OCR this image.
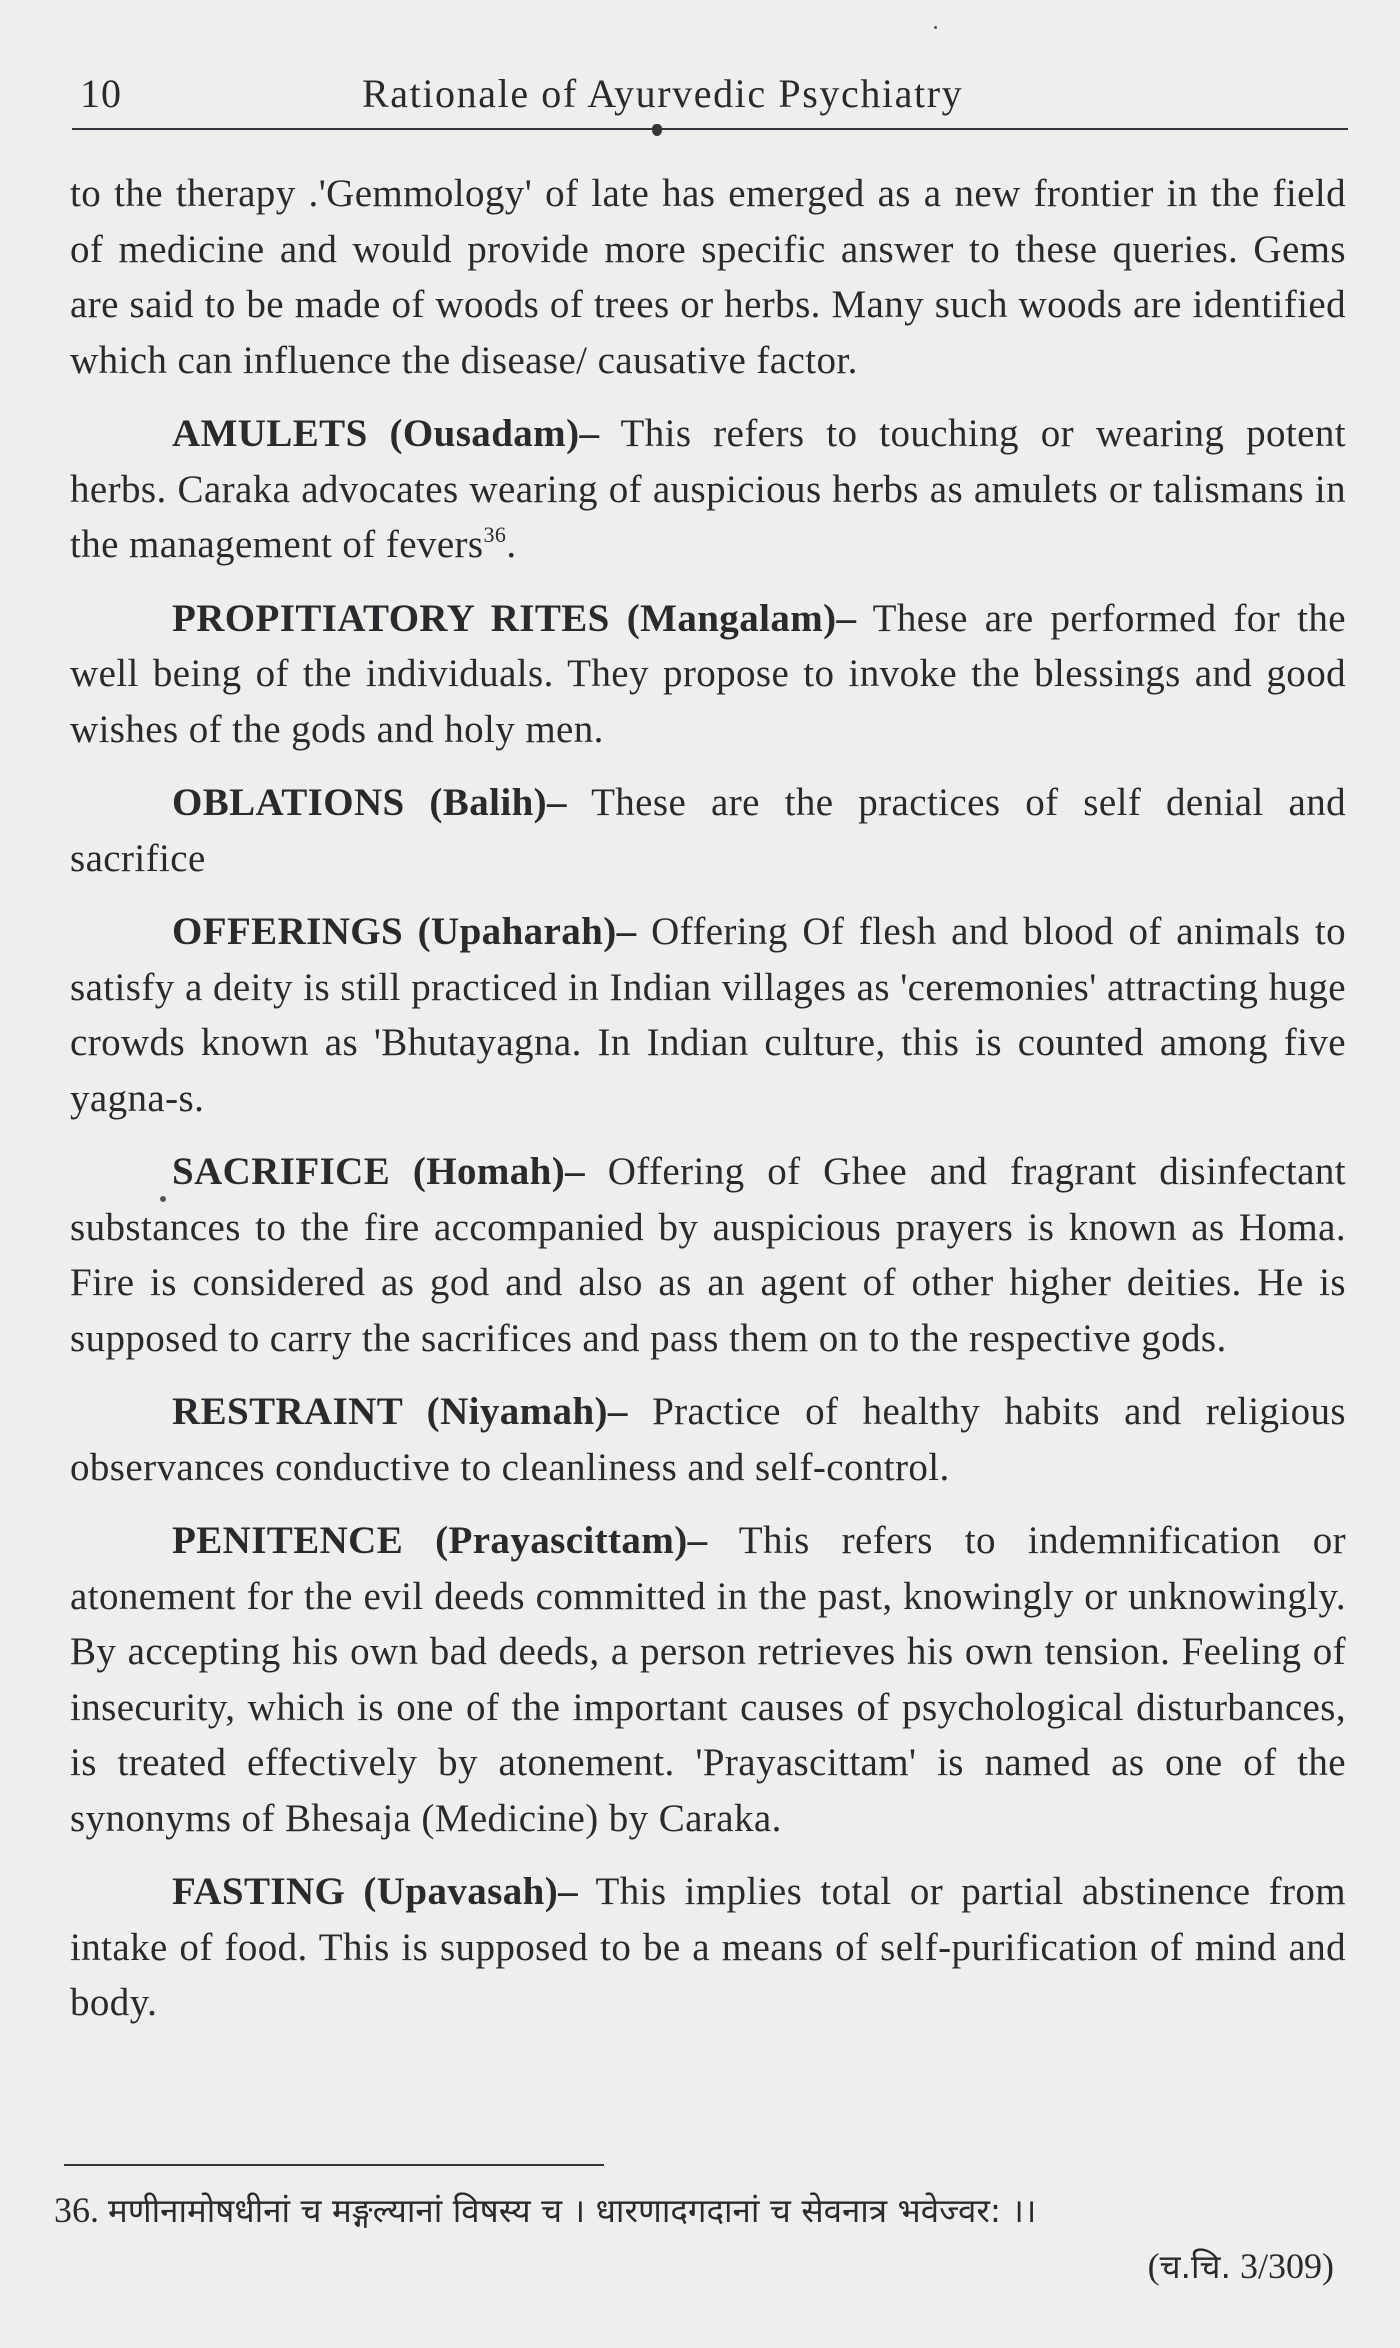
10	Rationale of Ayurvedic Psychiatry

to the therapy .'Gemmology' of late has emerged as a new frontier in the field of medicine and would provide more specific answer to these queries. Gems are said to be made of woods of trees or herbs. Many such woods are identified which can influence the disease/ causative factor.

AMULETS (Ousadam)– This refers to touching or wearing potent herbs. Caraka advocates wearing of auspicious herbs as amulets or talismans in the management of fevers$^{36}$.

PROPITIATORY RITES (Mangalam)– These are performed for the well being of the individuals. They propose to invoke the blessings and good wishes of the gods and holy men.

OBLATIONS (Balih)– These are the practices of self denial and sacrifice

OFFERINGS (Upaharah)– Offering Of flesh and blood of animals to satisfy a deity is still practiced in Indian villages as 'ceremonies' attracting huge crowds known as 'Bhutayagna. In Indian culture, this is counted among five yagna-s.

SACRIFICE (Homah)– Offering of Ghee and fragrant disinfectant substances to the fire accompanied by auspicious prayers is known as Homa. Fire is considered as god and also as an agent of other higher deities. He is supposed to carry the sacrifices and pass them on to the respective gods.

RESTRAINT (Niyamah)– Practice of healthy habits and religious observances conductive to cleanliness and self-control.

PENITENCE (Prayascittam)– This refers to indemnification or atonement for the evil deeds committed in the past, knowingly or unknowingly. By accepting his own bad deeds, a person retrieves his own tension. Feeling of insecurity, which is one of the important causes of psychological disturbances, is treated effectively by atonement. 'Prayascittam' is named as one of the synonyms of Bhesaja (Medicine) by Caraka.

FASTING (Upavasah)– This implies total or partial abstinence from intake of food. This is supposed to be a means of self-purification of mind and body.

36. मणीनामोषधीनां च मङ्गल्यानां विषस्य च । धारणादगदानां च सेवनात्र भवेज्वर: ।।
(च.चि. 3/309)
